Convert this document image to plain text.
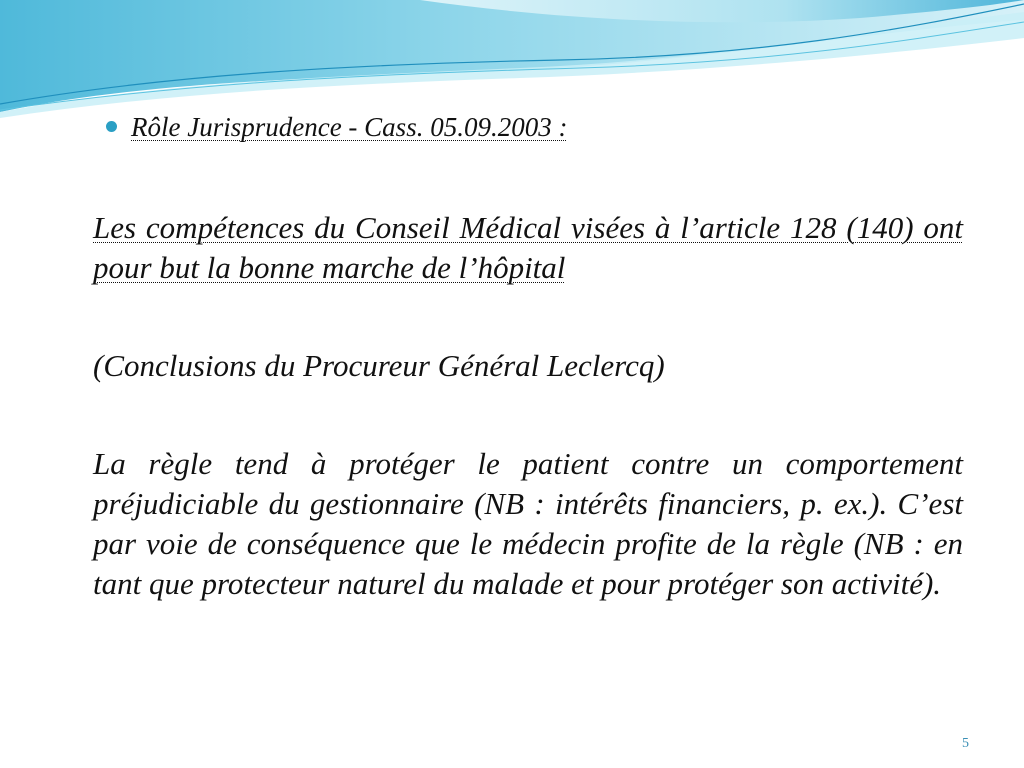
Rôle Jurisprudence - Cass. 05.09.2003 :
Les compétences du Conseil Médical visées à l’article 128 (140) ont pour but la bonne marche de l’hôpital
(Conclusions du Procureur Général Leclercq)
La règle tend à protéger le patient contre un comportement préjudiciable du gestionnaire (NB : intérêts financiers, p. ex.). C’est par voie de conséquence que le médecin profite de la règle (NB : en tant que protecteur naturel du malade et pour protéger son activité).
5
